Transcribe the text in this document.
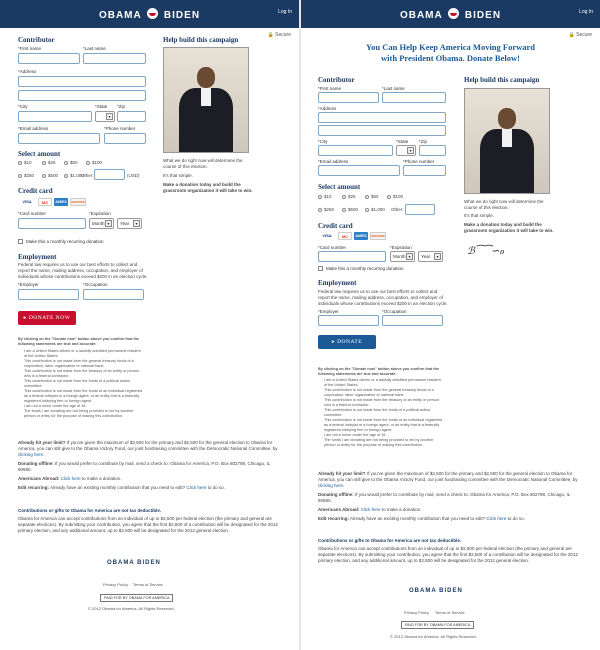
OBAMA BIDEN	Log In
🔒 Secure
Contributor
*First name	*Last name
*Address
*City	*State *Zip
▾
*Email address	*Phone number
Select amount
$10	$25	$50	$100
$250	$500	$1,000
Other:	(USD)
Credit card
VISA	MC	AMEX	DISCOVER
*Card number	*Expiration
Month ▾	Year	▾
Make this a monthly recurring donation
Employment
Federal law requires us to use our best efforts to collect and report the name, mailing address, occupation, and employer of individuals whose contributions exceed $200 in an election cycle.
*Employer	*Occupation
▸ DONATE NOW
By clicking on the "Donate now" button above you confirm that the following statements are true and accurate:
I am a United States citizen or a lawfully admitted permanent resident of the United States.
This contribution is not made from the general treasury funds of a corporation, labor organization or national bank.
This contribution is not made from the treasury of an entity or person who is a federal contractor.
This contribution is not made from the funds of a political action committee.
This contribution is not made from the funds of an individual registered as a federal lobbyist or a foreign agent, or an entity that is a federally registered lobbying firm or foreign agent.
I am not a minor under the age of 16.
The funds I am donating are not being provided to me by another person or entity for the purpose of making this contribution.
Already hit your limit? If you've given the maximum of $2,500 for the primary and $2,500 for the general election to Obama for America, you can still give to the Obama Victory Fund, our joint fundraising committee with the Democratic National Committee, by clicking here.
Donating offline: If you would prefer to contribute by mail, send a check to: Obama for America, P.O. Box 802798, Chicago, IL 60680.
Americans Abroad: Click here to make a donation.
Edit recurring: Already have an existing monthly contribution that you need to edit? Click here to do so.
Contributions or gifts to Obama for America are not tax deductible.
Obama for America can accept contributions from an individual of up to $2,500 per federal election (the primary and general are separate elections). By submitting your contribution, you agree that the first $2,500 of a contribution will be designated for the 2012 primary election, and any additional amount, up to $2,500 will be designated for the 2012 general election.
OBAMA BIDEN
Privacy Policy Terms of Service
PAID FOR BY OBAMA FOR AMERICA
© 2012 Obama for America. All Rights Reserved.
Help build this campaign
What we do right now will determine the course of this election.
It's that simple.
Make a donation today and build the grassroots organization it will take to win.
OBAMA BIDEN	Log In
🔒 Secure
You Can Help Keep America Moving Forward
with President Obama. Donate Below!
Contributor
*First name	*Last name
*Address
*City	*State *Zip
▾
*Email address	*Phone number
Select amount
$10	$25	$50	$100
$250	$500	$1,000 Other:
Credit card
VISA	MC	AMEX	DISCOVER
*Card number	*Expiration
Month ▾	Year	▾
Make this a monthly recurring donation
Employment
Federal law requires us to use our best efforts to collect and report the name, mailing address, occupation, and employer of individuals whose contributions exceed $200 in an election cycle.
*Employer	*Occupation
▸ DONATE
By clicking on the "Donate now" button above you confirm that the following statements are true and accurate:
I am a United States citizen or a lawfully admitted permanent resident of the United States.
This contribution is not made from the general treasury funds of a corporation, labor organization or national bank.
This contribution is not made from the treasury of an entity or person who is a federal contractor.
This contribution is not made from the funds of a political action committee.
This contribution is not made from the funds of an individual registered as a federal lobbyist or a foreign agent, or an entity that is a federally registered lobbying firm or foreign agent.
I am not a minor under the age of 16.
The funds I am donating are not being provided to me by another person or entity for the purpose of making this contribution.
Already hit your limit? If you've given the maximum of $2,500 for the primary and $2,500 for the general election to Obama for America, you can still give to the Obama Victory Fund, our joint fundraising committee with the Democratic National Committee, by clicking here.
Donating offline: If you would prefer to contribute by mail, send a check to: Obama for America, P.O. Box 802798, Chicago, IL 60680.
Americans Abroad: Click here to make a donation.
Edit recurring: Already have an existing monthly contribution that you need to edit? Click here to do so.
Contributions or gifts to Obama for America are not tax deductible.
Obama for America can accept contributions from an individual of up to $2,500 per federal election (the primary and general are separate elections). By submitting your contribution, you agree that the first $2,500 of a contribution will be designated for the 2012 primary election, and any additional amount, up to $2,500 will be designated for the 2012 general election.
OBAMA BIDEN
Privacy Policy Terms of Service
PAID FOR BY OBAMA FOR AMERICA
© 2012 Obama for America. All Rights Reserved.
Help build this campaign
What we do right now will determine the course of this election.
It's that simple.
Make a donation today and build the grassroots organization it will take to win.
ℬ⁀⁀∽ℴ
